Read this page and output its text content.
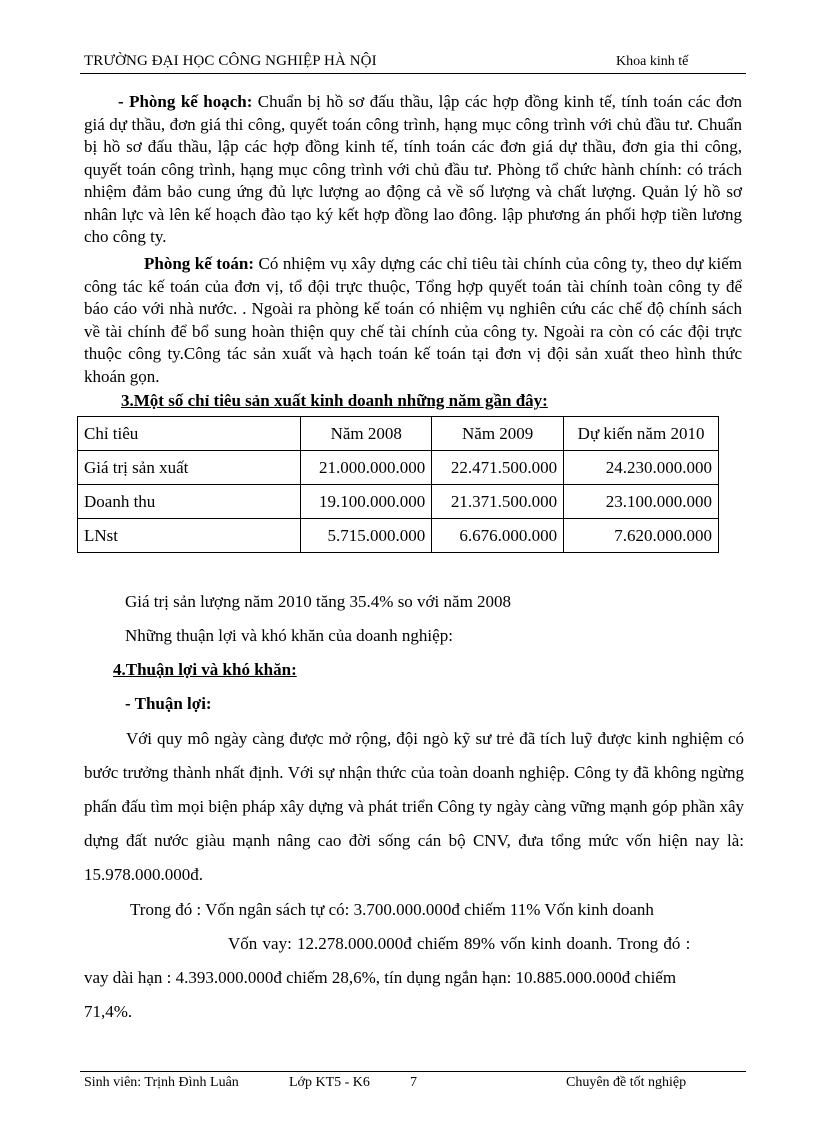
TRƯỜNG ĐẠI HỌC CÔNG NGHIỆP HÀ NỘI	Khoa kinh tế
- Phòng kế hoạch: Chuẩn bị hồ sơ đấu thầu, lập các hợp đồng kinh tế, tính toán các đơn giá dự thầu, đơn giá thi công, quyết toán công trình, hạng mục công trình với chủ đầu tư. Chuẩn bị hồ sơ đấu thầu, lập các hợp đồng kinh tế, tính toán các đơn giá dự thầu, đơn gia thi công, quyết toán công trình, hạng mục công trình với chủ đầu tư. Phòng tổ chức hành chính: có trách nhiệm đảm bảo cung ứng đủ lực lượng ao động cả về số lượng và chất lượng. Quản lý hồ sơ nhân lực và lên kế hoạch đào tạo ký kết hợp đồng lao đông. lập phương án phối hợp tiền lương cho công ty.
Phòng kế toán: Có nhiệm vụ xây dựng các chỉ tiêu tài chính của công ty, theo dự kiếm công tác kế toán của đơn vị, tổ đội trực thuộc, Tổng hợp quyết toán tài chính toàn công ty để báo cáo với nhà nước. . Ngoài ra phòng kế toán có nhiệm vụ nghiên cứu các chế độ chính sách về tài chính để bổ sung hoàn thiện quy chế tài chính của công ty. Ngoài ra còn có các đội trực thuộc công ty.Công tác sản xuất và hạch toán kế toán tại đơn vị đội sản xuất theo hình thức khoán gọn.
3.Một số chỉ tiêu sản xuất kinh doanh những năm gần đây:
Chỉ tiêu	Năm 2008	Năm 2009	Dự kiến năm 2010
Giá trị sản xuất	21.000.000.000	22.471.500.000	24.230.000.000
Doanh thu	19.100.000.000	21.371.500.000	23.100.000.000
LNst	5.715.000.000	6.676.000.000	7.620.000.000
Giá trị sản lượng năm 2010 tăng 35.4% so với năm 2008
Những thuận lợi và khó khăn của doanh nghiệp:
4.Thuận lợi và khó khăn:
- Thuận lợi:
Với quy mô ngày càng được mở rộng, đội ngò kỹ sư trẻ đã tích luỹ được kinh nghiệm có bước trưởng thành nhất định. Với sự nhận thức của toàn doanh nghiệp. Công ty đã không ngừng phấn đấu tìm mọi biện pháp xây dựng và phát triển Công ty ngày càng vững mạnh góp phần xây dựng đất nước giàu mạnh nâng cao đời sống cán bộ CNV, đưa tổng mức vốn hiện nay là: 15.978.000.000đ.
Trong đó : Vốn ngân sách tự có: 3.700.000.000đ chiếm 11% Vốn kinh doanh
Vốn vay: 12.278.000.000đ chiếm 89% vốn kinh doanh. Trong đó :
vay dài hạn : 4.393.000.000đ chiếm 28,6%, tín dụng ngắn hạn: 10.885.000.000đ chiếm
71,4%.
Sinh viên: Trịnh Đình Luân	Lớp KT5 - K6	7	Chuyên đề tốt nghiệp
